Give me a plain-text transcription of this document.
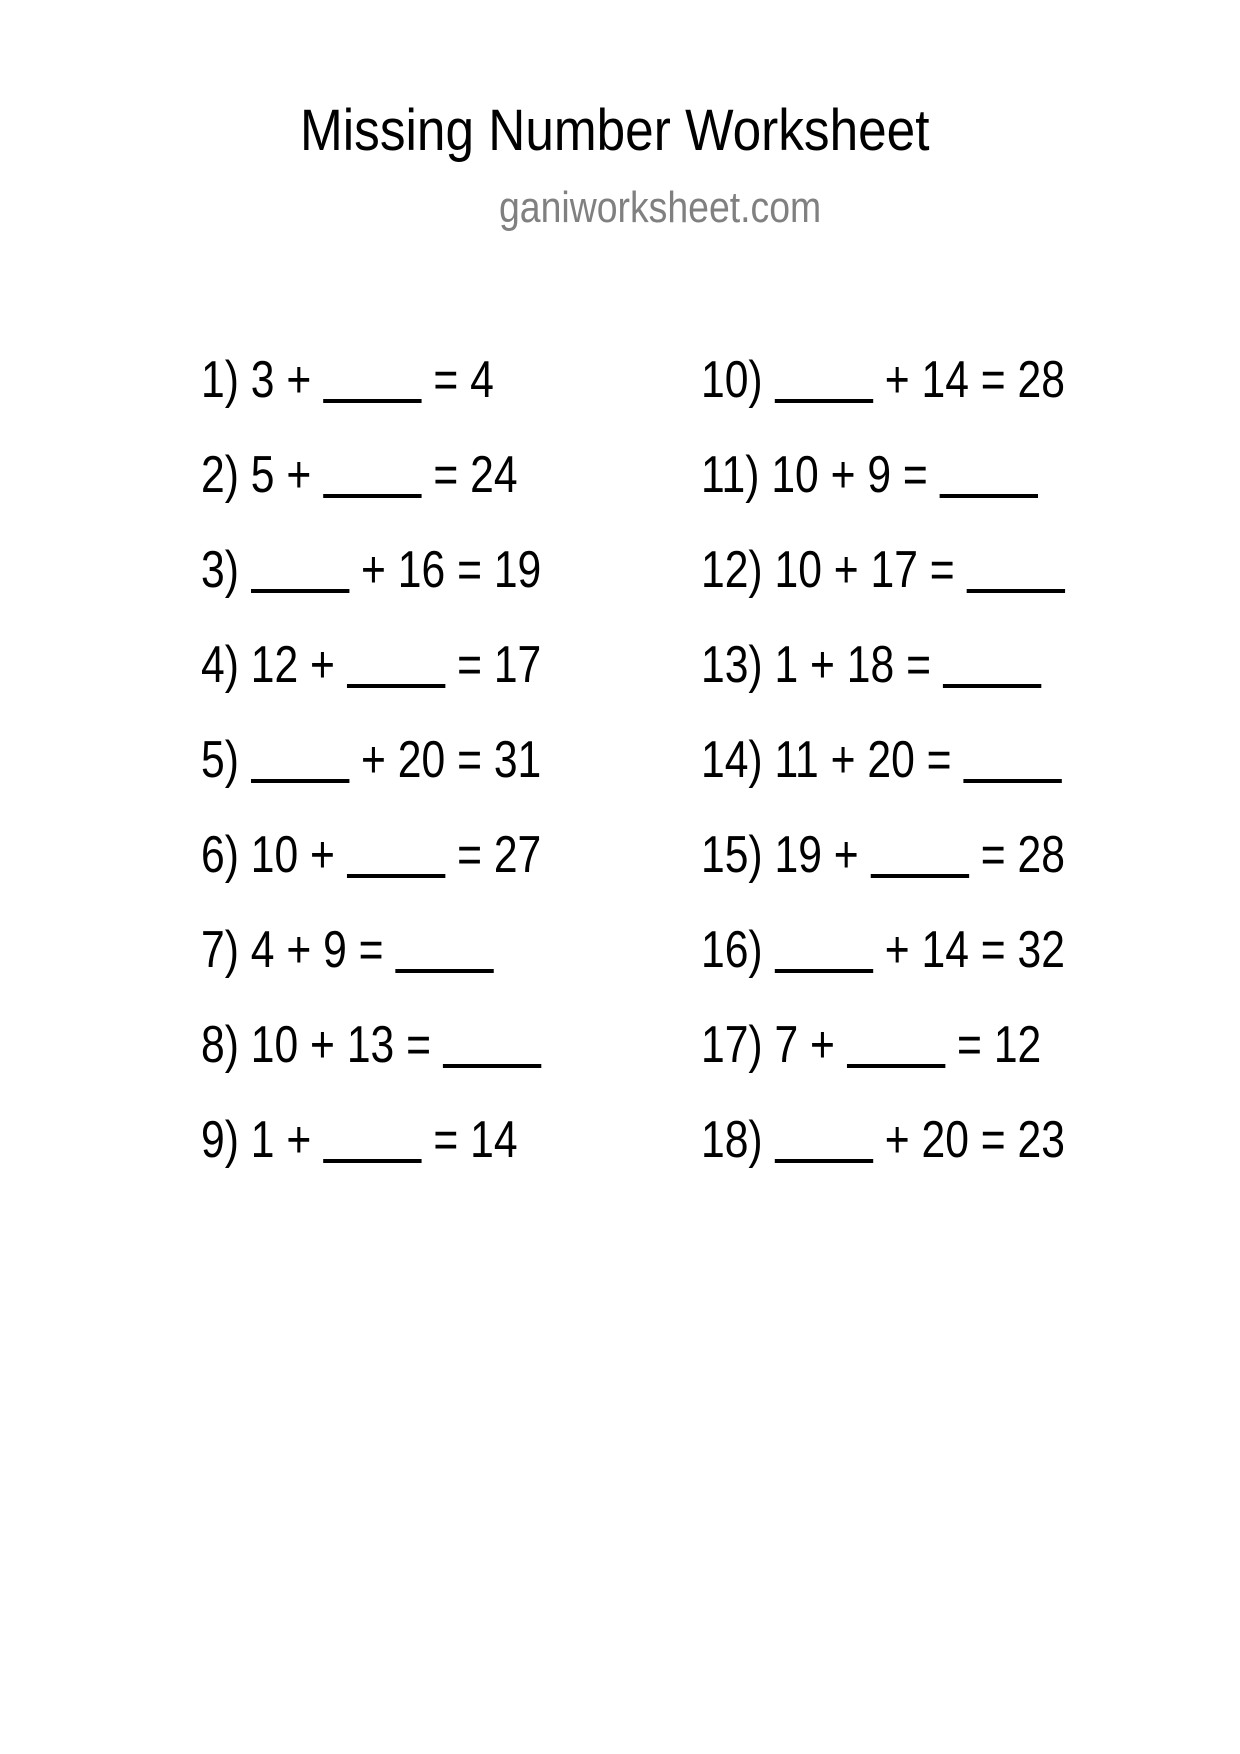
Missing Number Worksheet
ganiworksheet.com
1) 3 + = 4
2) 5 + = 24
3) + 16 = 19
4) 12 + = 17
5) + 20 = 31
6) 10 + = 27
7) 4 + 9 =
8) 10 + 13 =
9) 1 + = 14
10) + 14 = 28
11) 10 + 9 =
12) 10 + 17 =
13) 1 + 18 =
14) 11 + 20 =
15) 19 + = 28
16) + 14 = 32
17) 7 + = 12
18) + 20 = 23
